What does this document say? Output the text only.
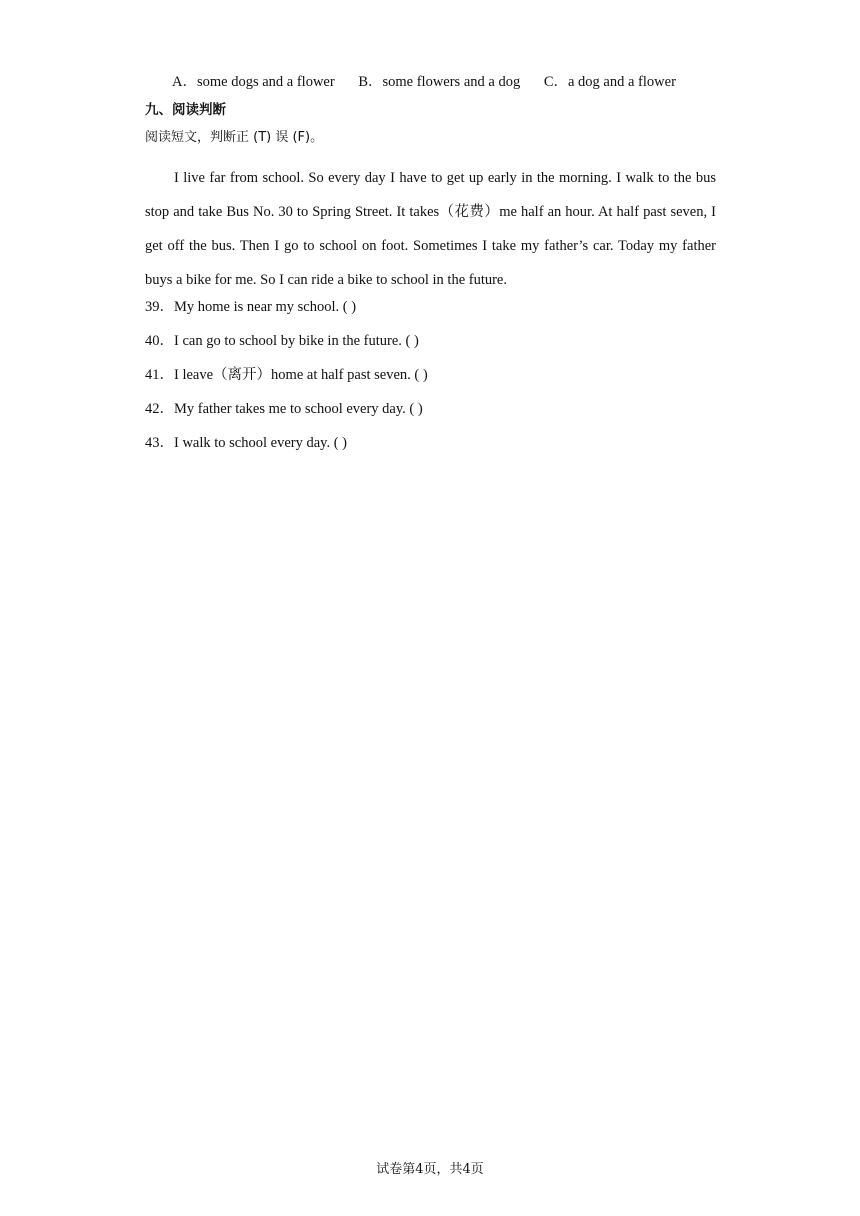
A．some dogs and a flower B．some flowers and a dog C．a dog and a flower
九、阅读判断
阅读短文，判断正 (T) 误 (F)。

I live far from school. So every day I have to get up early in the morning. I walk to the bus stop and take Bus No. 30 to Spring Street. It takes（花费）me half an hour. At half past seven, I get off the bus. Then I go to school on foot. Sometimes I take my father’s car. Today my father buys a bike for me. So I can ride a bike to school in the future.

39．My home is near my school. ( )
40．I can go to school by bike in the future. ( )
41．I leave（离开）home at half past seven. ( )
42．My father takes me to school every day. ( )
43．I walk to school every day. ( )
试卷第4页，共4页
